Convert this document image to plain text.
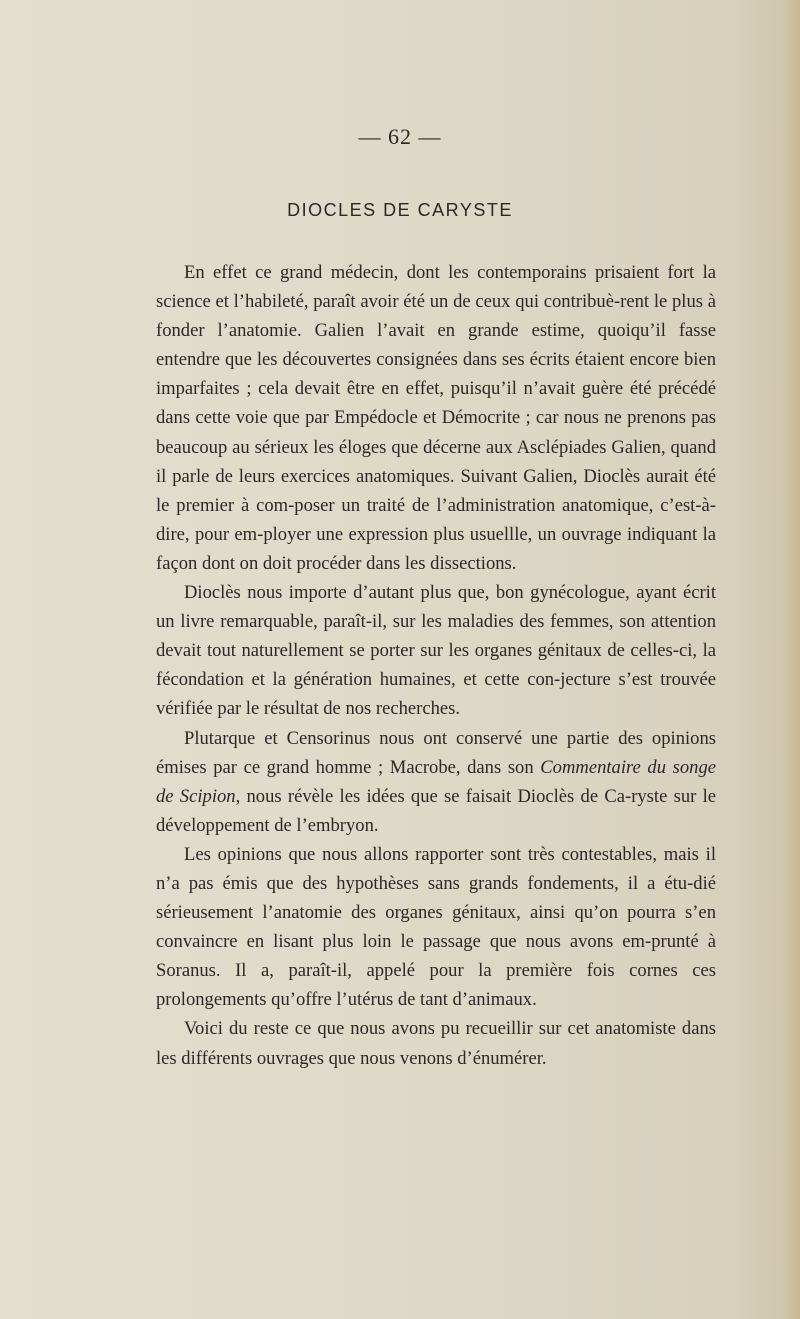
— 62 —
DIOCLES DE CARYSTE

En effet ce grand médecin, dont les contemporains prisaient fort la science et l’habileté, paraît avoir été un de ceux qui contribuè-rent le plus à fonder l’anatomie. Galien l’avait en grande estime, quoiqu’il fasse entendre que les découvertes consignées dans ses écrits étaient encore bien imparfaites ; cela devait être en effet, puisqu’il n’avait guère été précédé dans cette voie que par Empédocle et Démocrite ; car nous ne prenons pas beaucoup au sérieux les éloges que décerne aux Asclépiades Galien, quand il parle de leurs exercices anatomiques. Suivant Galien, Dioclès aurait été le premier à com-poser un traité de l’administration anatomique, c’est-à-dire, pour em-ployer une expression plus usuellle, un ouvrage indiquant la façon dont on doit procéder dans les dissections.

Dioclès nous importe d’autant plus que, bon gynécologue, ayant écrit un livre remarquable, paraît-il, sur les maladies des femmes, son attention devait tout naturellement se porter sur les organes génitaux de celles-ci, la fécondation et la génération humaines, et cette con-jecture s’est trouvée vérifiée par le résultat de nos recherches.

Plutarque et Censorinus nous ont conservé une partie des opinions émises par ce grand homme ; Macrobe, dans son Commentaire du songe de Scipion, nous révèle les idées que se faisait Dioclès de Ca-ryste sur le développement de l’embryon.

Les opinions que nous allons rapporter sont très contestables, mais il n’a pas émis que des hypothèses sans grands fondements, il a étu-dié sérieusement l’anatomie des organes génitaux, ainsi qu’on pourra s’en convaincre en lisant plus loin le passage que nous avons em-prunté à Soranus. Il a, paraît-il, appelé pour la première fois cornes ces prolongements qu’offre l’utérus de tant d’animaux.

Voici du reste ce que nous avons pu recueillir sur cet anatomiste dans les différents ouvrages que nous venons d’énumérer.
